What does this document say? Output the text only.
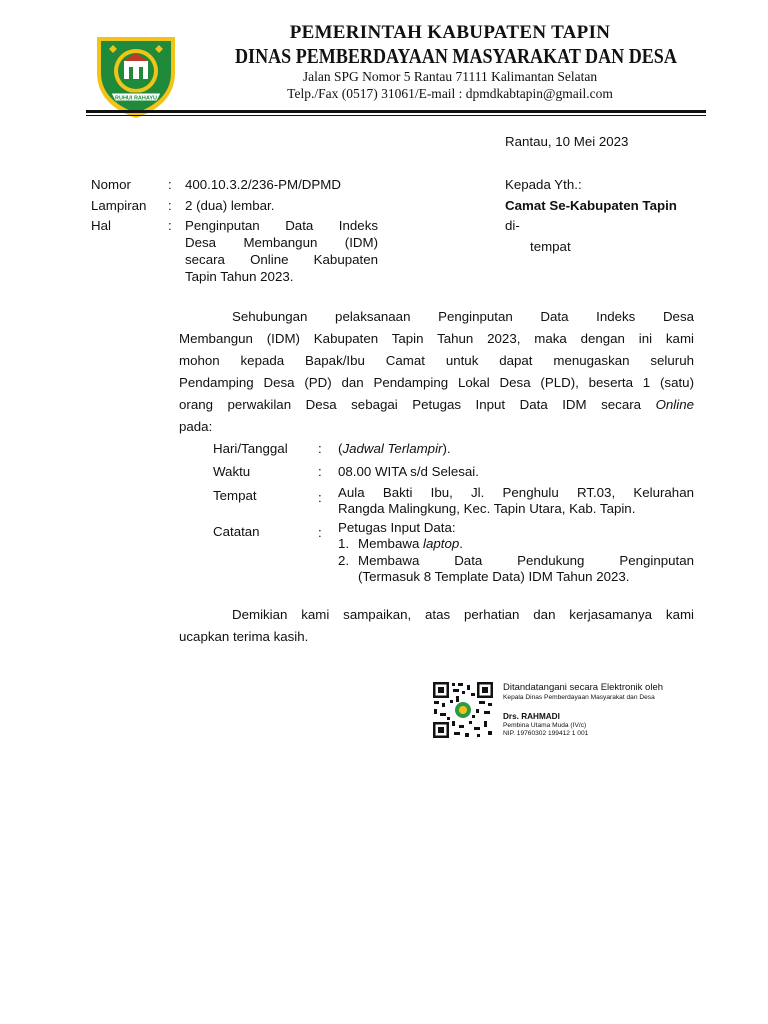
RUHUI RAHAYU
PEMERINTAH KABUPATEN TAPIN
DINAS PEMBERDAYAAN MASYARAKAT DAN DESA
Jalan SPG Nomor 5 Rantau 71111 Kalimantan Selatan
Telp./Fax (0517) 31061/E-mail : dpmdkabtapin@gmail.com
Rantau, 10 Mei 2023
Nomor	: 400.10.3.2/236-PM/DPMD
Lampiran : 2 (dua) lembar.
Hal	: Penginputan Data Indeks
Desa Membangun (IDM)
secara Online Kabupaten
Tapin Tahun 2023.
Kepada Yth.:
Camat Se-Kabupaten Tapin
di-
tempat
Sehubungan pelaksanaan Penginputan Data Indeks Desa
Membangun (IDM) Kabupaten Tapin Tahun 2023, maka dengan ini kami
mohon kepada Bapak/Ibu Camat untuk dapat menugaskan seluruh
Pendamping Desa (PD) dan Pendamping Lokal Desa (PLD), beserta 1 (satu)
orang perwakilan Desa sebagai Petugas Input Data IDM secara Online
pada:
Hari/Tanggal : (Jadwal Terlampir).
Waktu	: 08.00 WITA s/d Selesai.
Tempat	: Aula Bakti Ibu, Jl. Penghulu RT.03, Kelurahan
Rangda Malingkung, Kec. Tapin Utara, Kab. Tapin.
Catatan	: Petugas Input Data:
1. Membawa laptop.
2. Membawa Data Pendukung Penginputan
(Termasuk 8 Template Data) IDM Tahun 2023.
Demikian kami sampaikan, atas perhatian dan kerjasamanya kami
ucapkan terima kasih.
Ditandatangani secara Elektronik oleh
Kepala Dinas Pemberdayaan Masyarakat dan Desa
Drs. RAHMADI
Pembina Utama Muda (IV/c)
NIP. 19760302 199412 1 001
